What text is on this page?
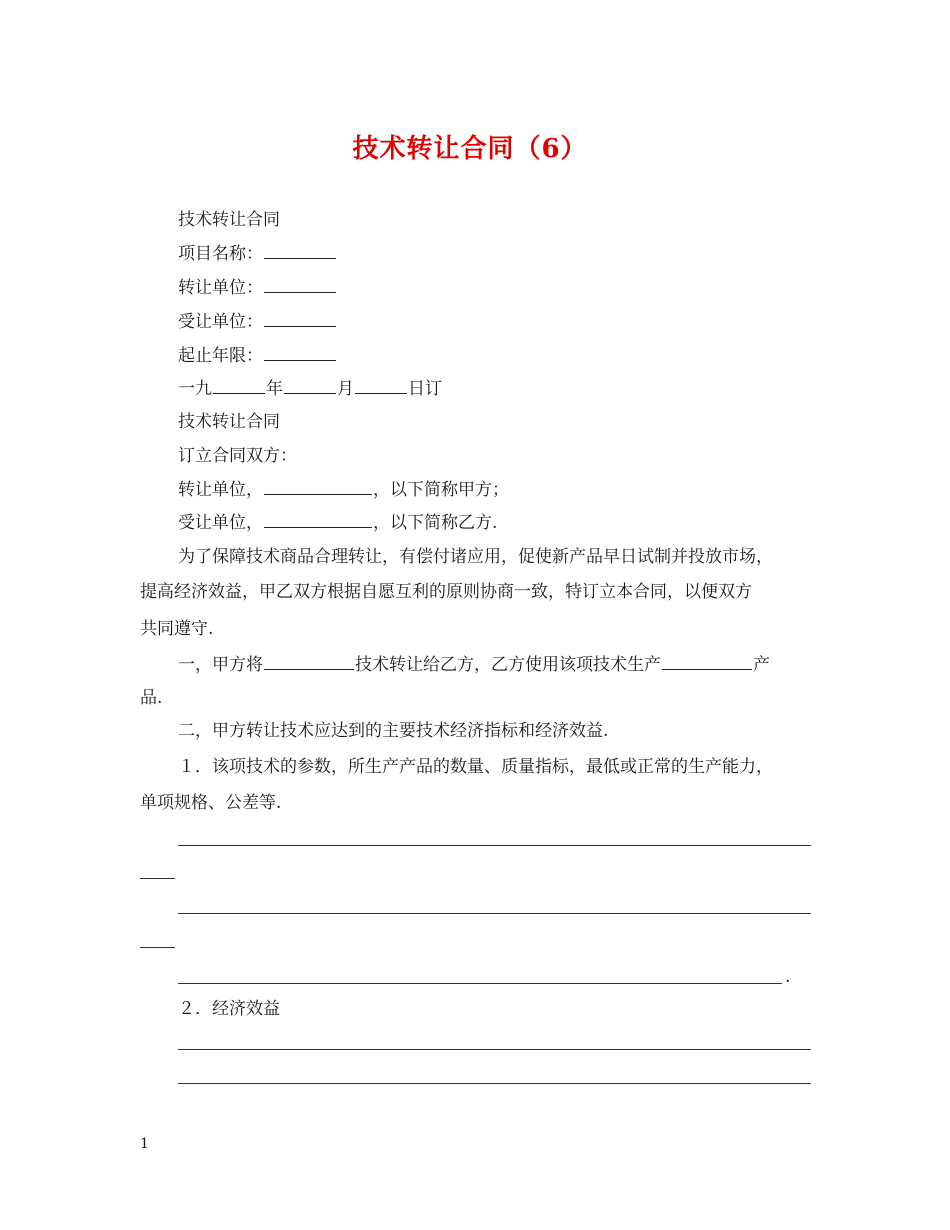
技术转让合同（6）
技术转让合同
项目名称：
转让单位：
受让单位：
起止年限：
一九	年	月	日订
技术转让合同
订立合同双方：
转让单位，	，以下简称甲方；
受让单位，	，以下简称乙方.
为了保障技术商品合理转让，有偿付诸应用，促使新产品早日试制并投放市场，
提高经济效益，甲乙双方根据自愿互利的原则协商一致，特订立本合同，以便双方
共同遵守.
一，甲方将	技术转让给乙方，乙方使用该项技术生产	产
品.
二，甲方转让技术应达到的主要技术经济指标和经济效益.
１．该项技术的参数，所生产产品的数量、质量指标，最低或正常的生产能力，
单项规格、公差等.
.
２．经济效益
1
